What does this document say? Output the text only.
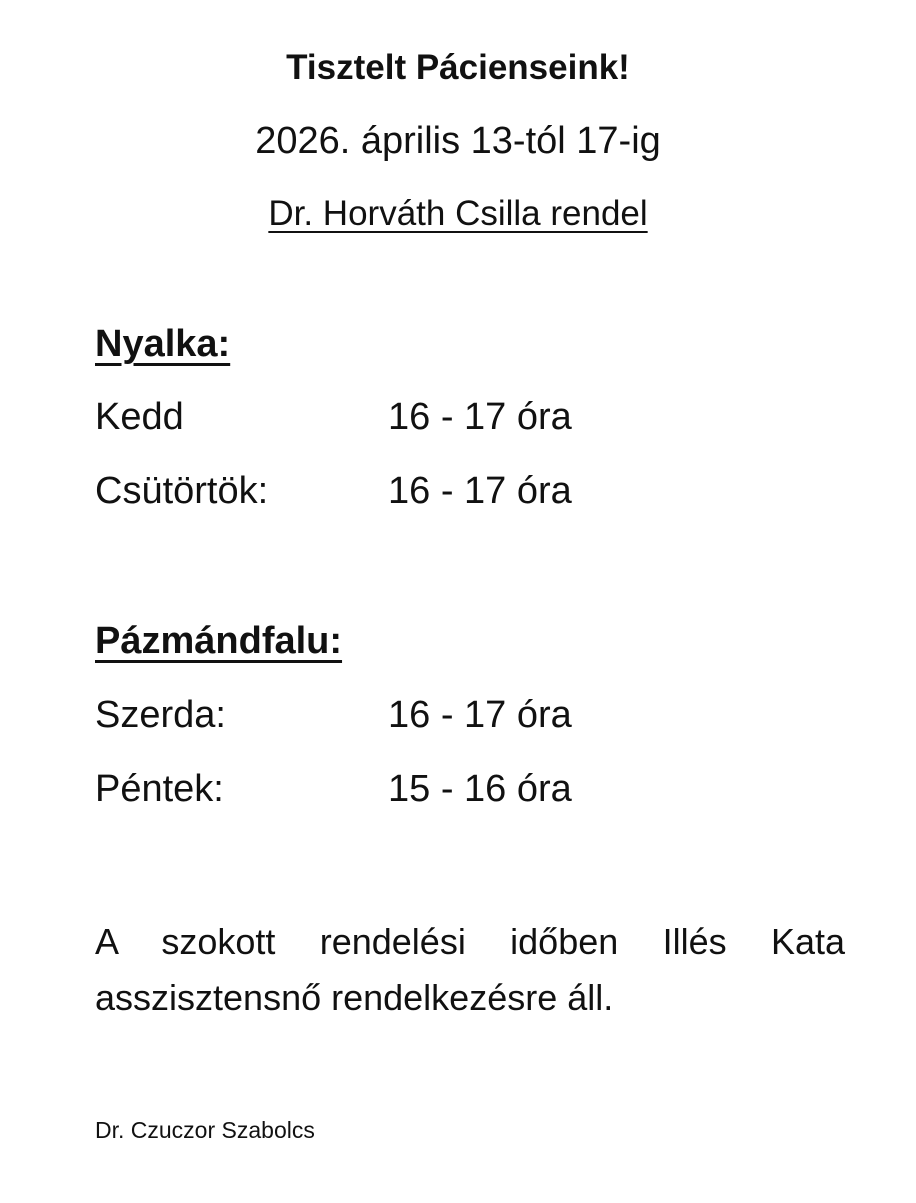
Tisztelt Pácienseink!
2026. április 13-tól 17-ig
Dr. Horváth Csilla rendel
Nyalka:
Kedd	16 - 17 óra
Csütörtök:	16 - 17 óra
Pázmándfalu:
Szerda:	16 - 17 óra
Péntek:	15 - 16 óra
A szokott rendelési időben Illés Kata asszisztensnő rendelkezésre áll.
Dr. Czuczor Szabolcs
